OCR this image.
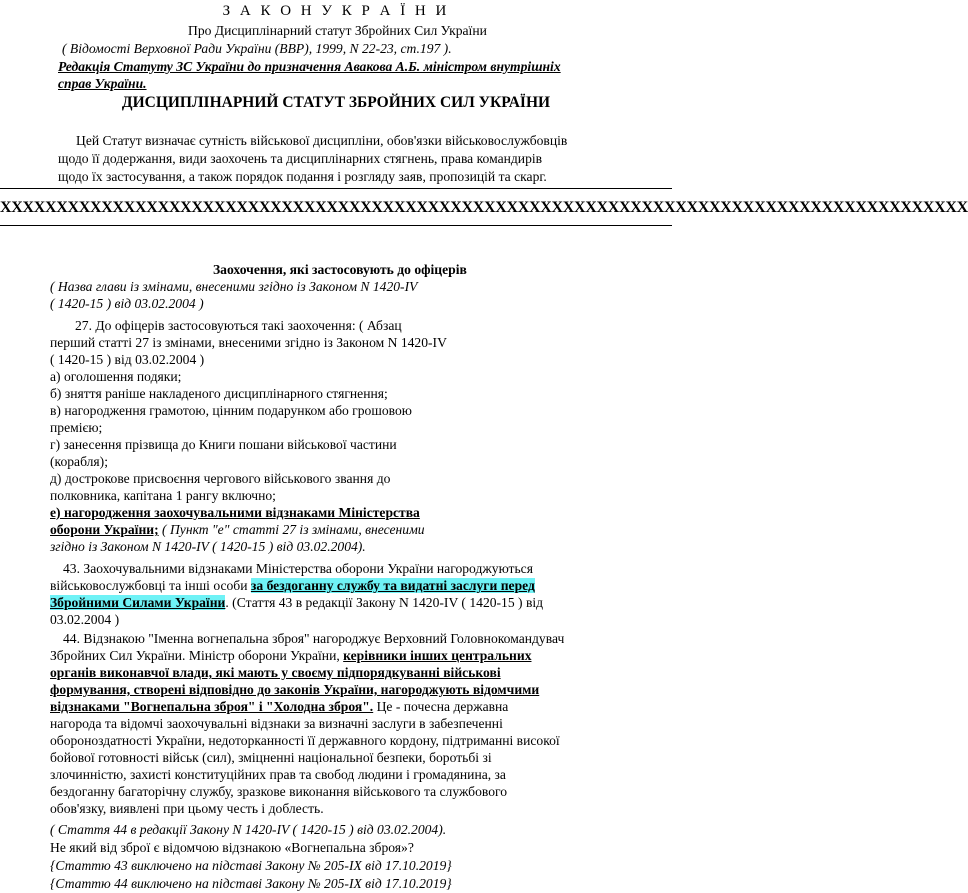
З А К О Н У К Р А Ї Н И
Про Дисциплінарний статут Збройних Сил України
( Відомості Верховної Ради України (ВВР), 1999, N 22-23, ст.197 ).
Редакція Статуту ЗС України до призначення Авакова А.Б. міністром внутрішніх
справ України.
ДИСЦИПЛІНАРНИЙ СТАТУТ ЗБРОЙНИХ СИЛ УКРАЇНИ
Цей Статут визначає сутність військової дисципліни, обов'язки військовослужбовців
щодо її додержання, види заохочень та дисциплінарних стягнень, права командирів
щодо їх застосування, а також порядок подання і розгляду заяв, пропозицій та скарг.
XXXXXXXXXXXXXXXXXXXXXXXXXXXXXXXXXXXXXXXXXXXXXXXXXXXXXXXXXXXXXXXXXXXXXXXXXXXXXXXXXXXXXX
Заохочення, які застосовують до офіцерів
( Назва глави із змінами, внесеними згідно із Законом N 1420-IV
( 1420-15 ) від 03.02.2004 )
27. До офіцерів застосовуються такі заохочення: ( Абзац
перший статті 27 із змінами, внесеними згідно із Законом N 1420-IV
( 1420-15 ) від 03.02.2004 )
а) оголошення подяки;
б) зняття раніше накладеного дисциплінарного стягнення;
в) нагородження грамотою, цінним подарунком або грошовою
премією;
г) занесення прізвища до Книги пошани військової частини
(корабля);
д) дострокове присвоєння чергового військового звання до
полковника, капітана 1 рангу включно;
е) нагородження заохочувальними відзнаками Міністерства
оборони України; ( Пункт "е" статті 27 із змінами, внесеними
згідно із Законом N 1420-IV ( 1420-15 ) від 03.02.2004).
43. Заохочувальними відзнаками Міністерства оборони України нагороджуються
військовослужбовці та інші особи за бездоганну службу та видатні заслуги перед
Збройними Силами України. (Стаття 43 в редакції Закону N 1420-IV ( 1420-15 ) від
03.02.2004 )
44. Відзнакою "Іменна вогнепальна зброя" нагороджує Верховний Головнокомандувач
Збройних Сил України. Міністр оборони України, керівники інших центральних
органів виконавчої влади, які мають у своєму підпорядкуванні військові
формування, створені відповідно до законів України, нагороджують відомчими
відзнаками "Вогнепальна зброя" і "Холодна зброя". Це - почесна державна
нагорода та відомчі заохочувальні відзнаки за визначні заслуги в забезпеченні
обороноздатності України, недоторканності її державного кордону, підтриманні високої
бойової готовності військ (сил), зміцненні національної безпеки, боротьбі зі
злочинністю, захисті конституційних прав та свобод людини і громадянина, за
бездоганну багаторічну службу, зразкове виконання військового та службового
обов'язку, виявлені при цьому честь і доблесть.
( Стаття 44 в редакції Закону N 1420-IV ( 1420-15 ) від 03.02.2004).
Не який від зброї є відомчою відзнакою «Вогнепальна зброя»?
{Статтю 43 виключено на підставі Закону № 205-IX від 17.10.2019}
{Статтю 44 виключено на підставі Закону № 205-IX від 17.10.2019}
